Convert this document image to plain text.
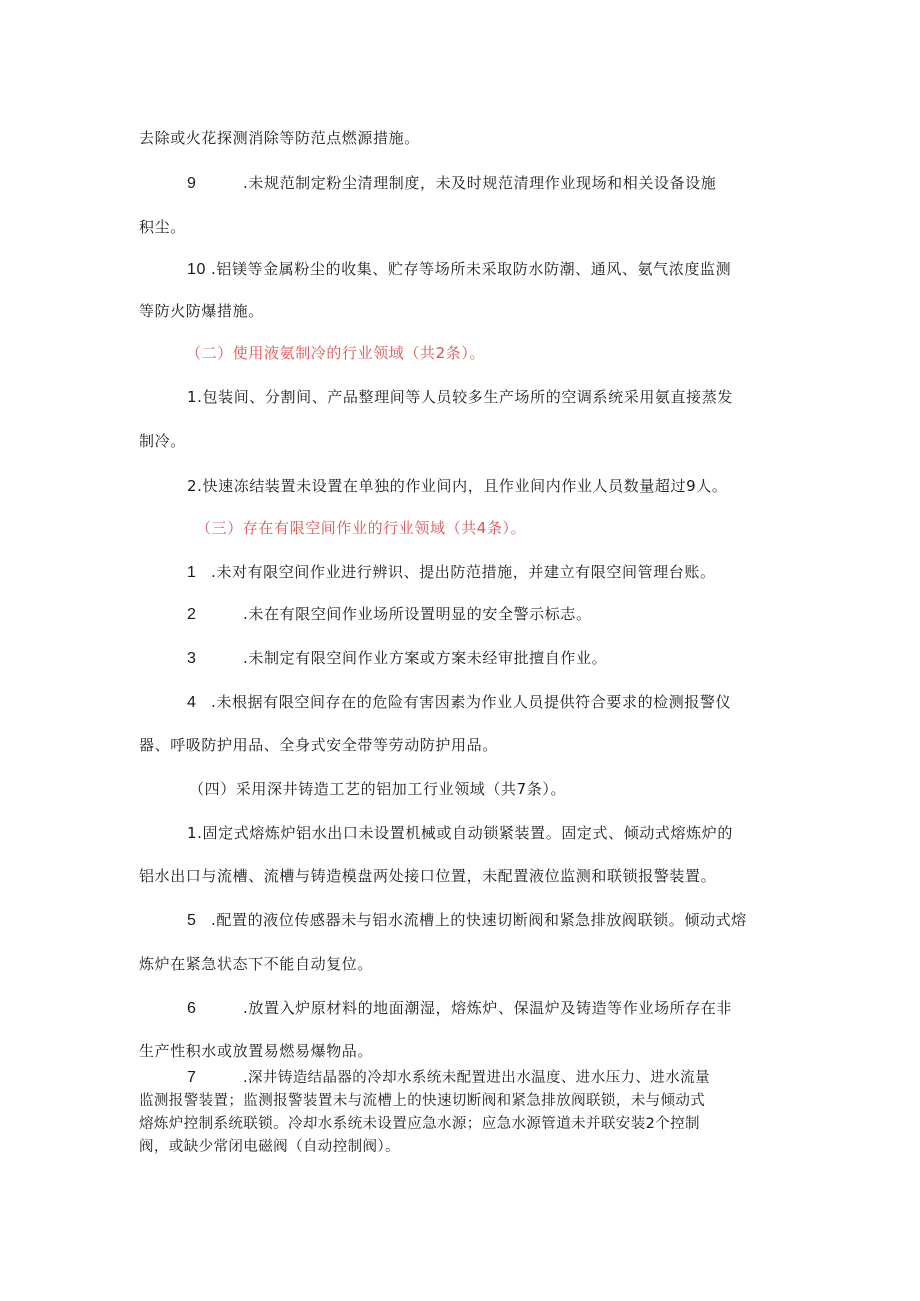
去除或火花探测消除等防范点燃源措施。
9	.未规范制定粉尘清理制度，未及时规范清理作业现场和相关设备设施
积尘。
10 .铝镁等金属粉尘的收集、贮存等场所未采取防水防潮、通风、氨气浓度监测
等防火防爆措施。
（二）使用液氨制冷的行业领域（共2条）。
1.包装间、分割间、产品整理间等人员较多生产场所的空调系统采用氨直接蒸发
制冷。
2.快速冻结装置未设置在单独的作业间内，且作业间内作业人员数量超过9人。
（三）存在有限空间作业的行业领域（共4条）。
1 .未对有限空间作业进行辨识、提出防范措施，并建立有限空间管理台账。
2	.未在有限空间作业场所设置明显的安全警示标志。
3	.未制定有限空间作业方案或方案未经审批擅自作业。
4 .未根据有限空间存在的危险有害因素为作业人员提供符合要求的检测报警仪
器、呼吸防护用品、全身式安全带等劳动防护用品。
（四）采用深井铸造工艺的铝加工行业领域（共7条）。
1.固定式熔炼炉铝水出口未设置机械或自动锁紧装置。固定式、倾动式熔炼炉的
铝水出口与流槽、流槽与铸造模盘两处接口位置，未配置液位监测和联锁报警装置。
5 .配置的液位传感器未与铝水流槽上的快速切断阀和紧急排放阀联锁。倾动式熔
炼炉在紧急状态下不能自动复位。
6	.放置入炉原材料的地面潮湿，熔炼炉、保温炉及铸造等作业场所存在非
生产性积水或放置易燃易爆物品。
7	.深井铸造结晶器的冷却水系统未配置进出水温度、进水压力、进水流量
监测报警装置；监测报警装置未与流槽上的快速切断阀和紧急排放阀联锁，未与倾动式
熔炼炉控制系统联锁。冷却水系统未设置应急水源；应急水源管道未并联安装2个控制
阀，或缺少常闭电磁阀（自动控制阀）。
